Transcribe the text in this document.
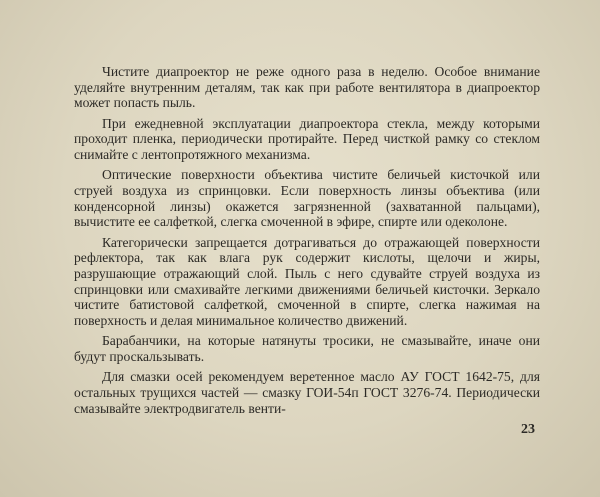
Чистите диапроектор не реже одного раза в неделю. Особое внимание уделяйте внутренним деталям, так как при работе вентилятора в диапроектор может попасть пыль.

При ежедневной эксплуатации диапроектора стекла, между которыми проходит пленка, периодически протирайте. Перед чисткой рамку со стеклом снимайте с лентопротяжного механизма.

Оптические поверхности объектива чистите беличьей кисточкой или струей воздуха из спринцовки. Если поверхность линзы объектива (или конденсорной линзы) окажется загрязненной (захватанной пальцами), вычистите ее салфеткой, слегка смоченной в эфире, спирте или одеколоне.

Категорически запрещается дотрагиваться до отражающей поверхности рефлектора, так как влага рук содержит кислоты, щелочи и жиры, разрушающие отражающий слой. Пыль с него сдувайте струей воздуха из спринцовки или смахивайте легкими движениями беличьей кисточки. Зеркало чистите батистовой салфеткой, смоченной в спирте, слегка нажимая на поверхность и делая минимальное количество движений.

Барабанчики, на которые натянуты тросики, не смазывайте, иначе они будут проскальзывать.

Для смазки осей рекомендуем веретенное масло АУ ГОСТ 1642-75, для остальных трущихся частей — смазку ГОИ-54п ГОСТ 3276-74. Периодически смазывайте электродвигатель венти-

23
